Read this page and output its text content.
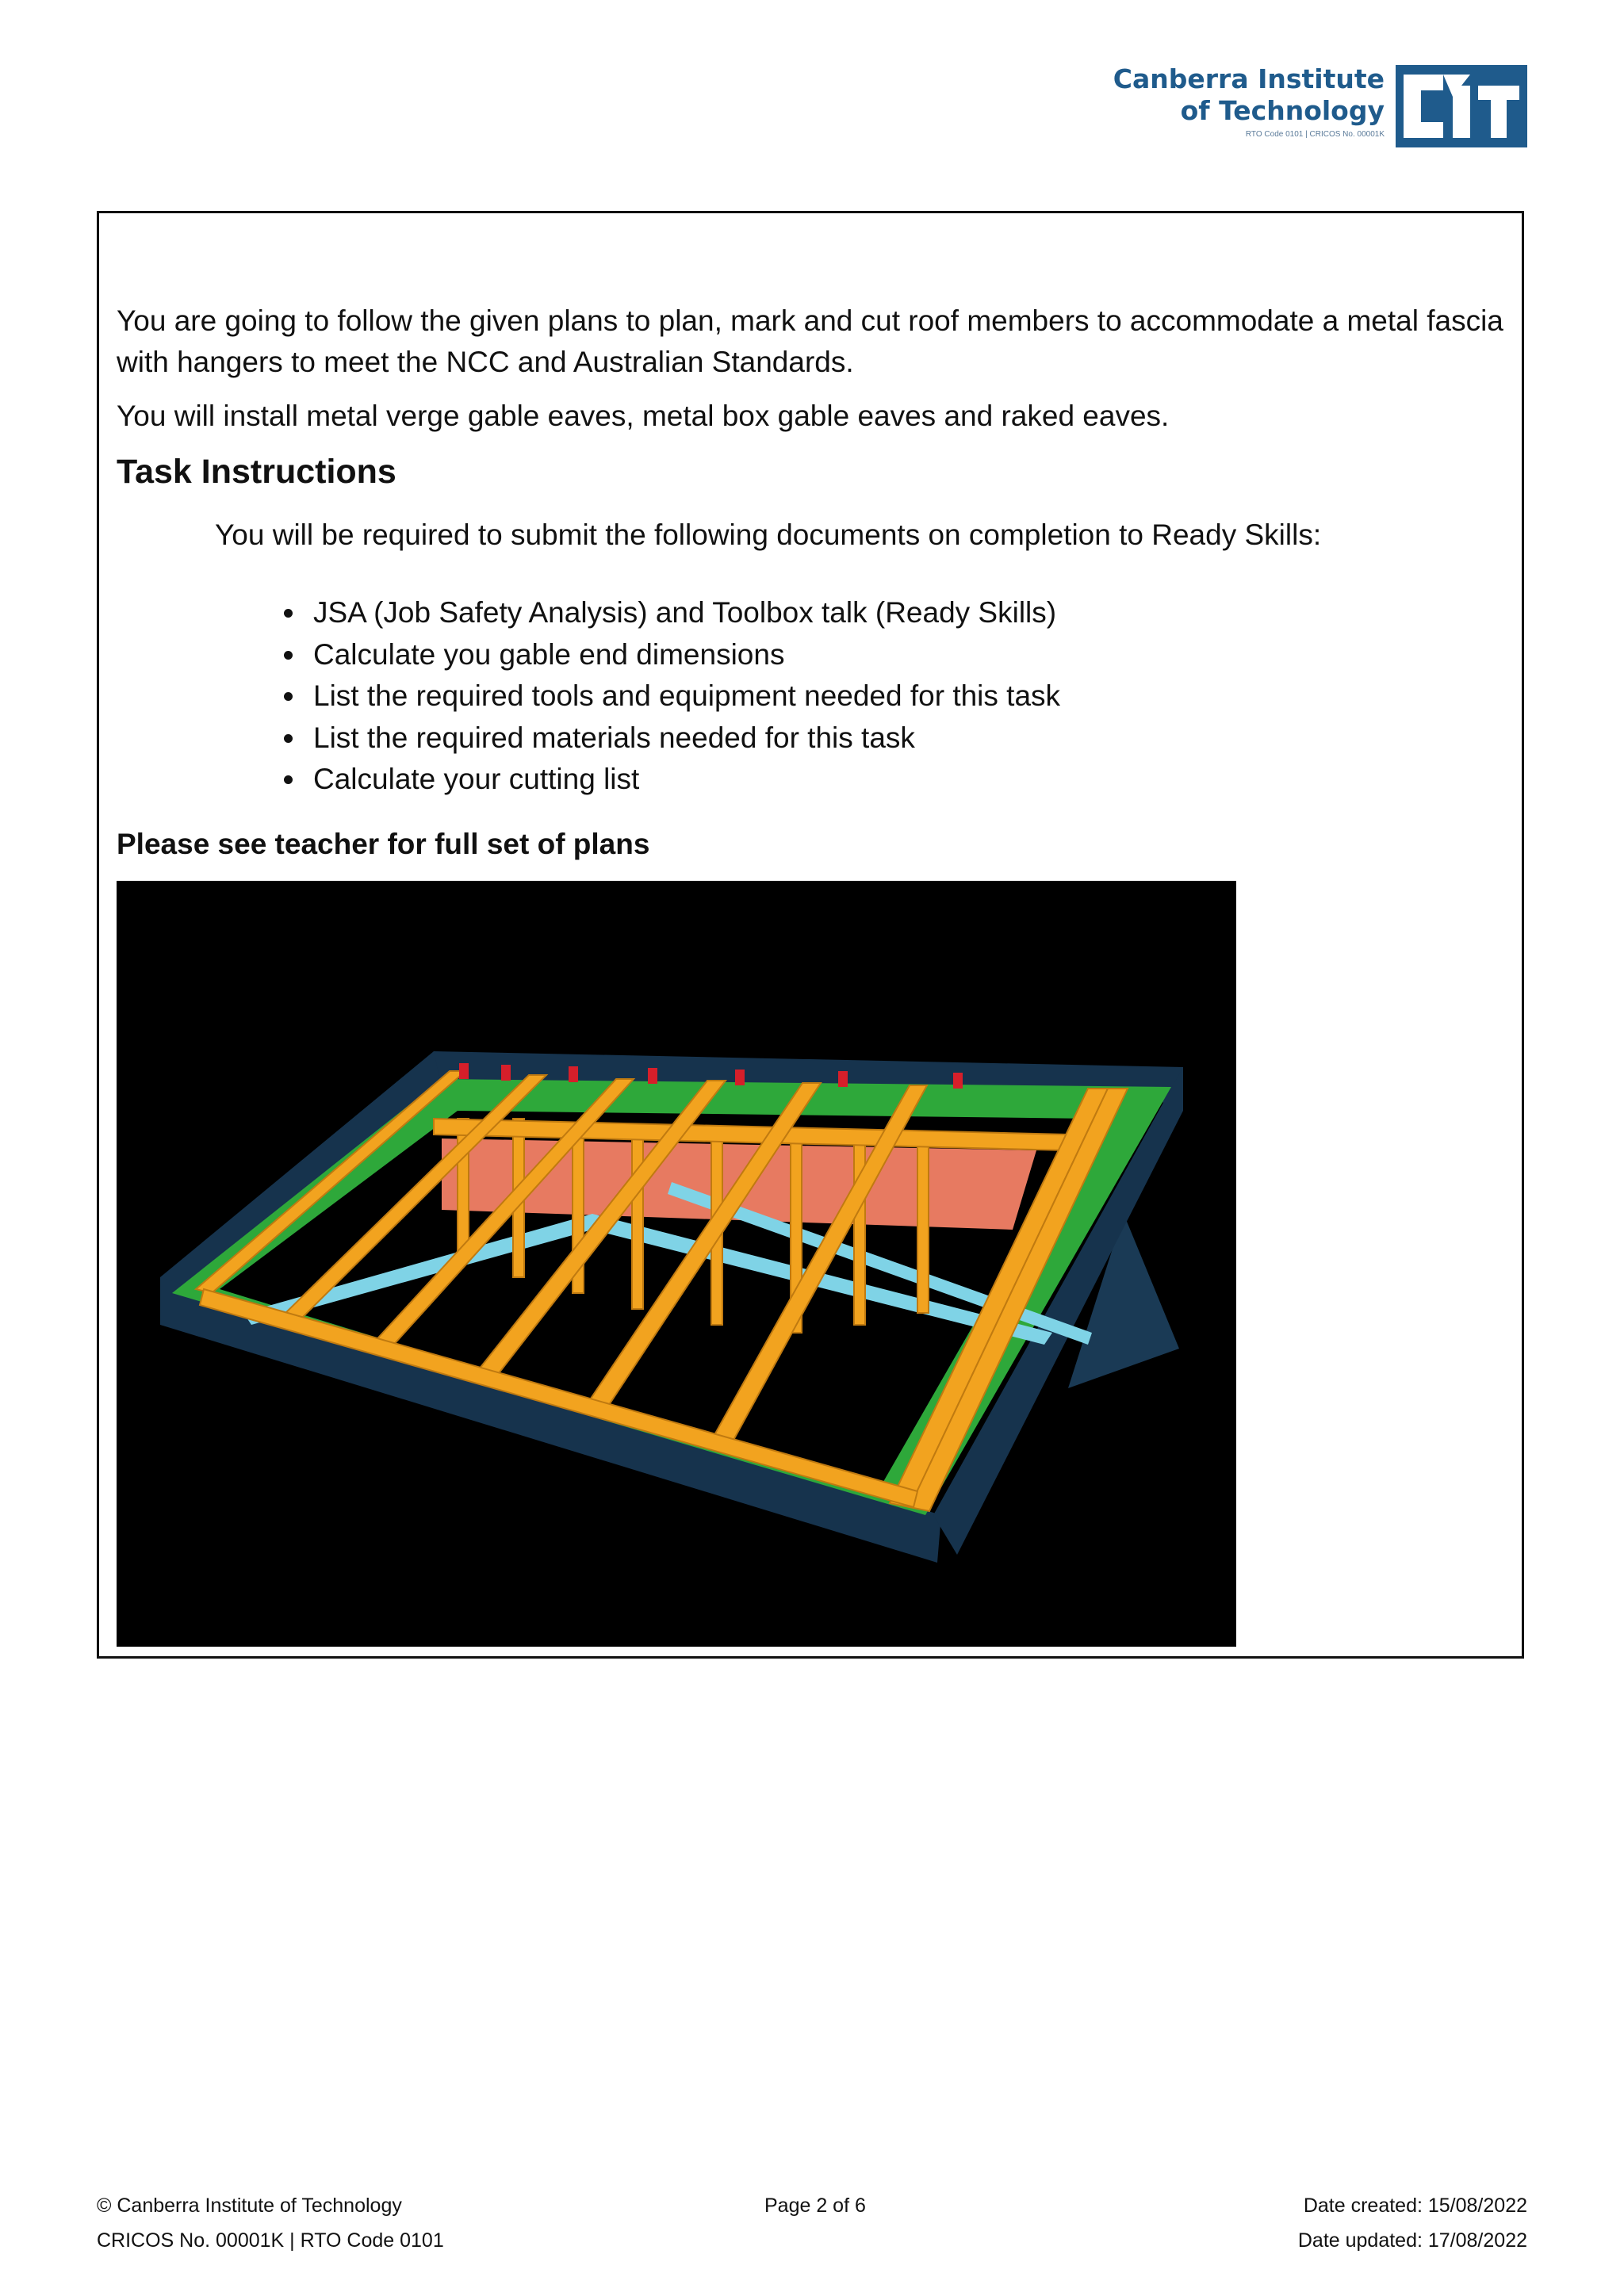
Canberra Institute
of Technology
RTO Code 0101 | CRICOS No. 00001K

You are going to follow the given plans to plan, mark and cut roof members to accommodate a metal fascia with hangers to meet the NCC and Australian Standards.

You will install metal verge gable eaves, metal box gable eaves and raked eaves.

Task Instructions

You will be required to submit the following documents on completion to Ready Skills:

• JSA (Job Safety Analysis) and Toolbox talk (Ready Skills)
• Calculate you gable end dimensions
• List the required tools and equipment needed for this task
• List the required materials needed for this task
• Calculate your cutting list

Please see teacher for full set of plans

© Canberra Institute of Technology
CRICOS No. 00001K | RTO Code 0101
Page 2 of 6	Date created: 15/08/2022
Date updated: 17/08/2022
